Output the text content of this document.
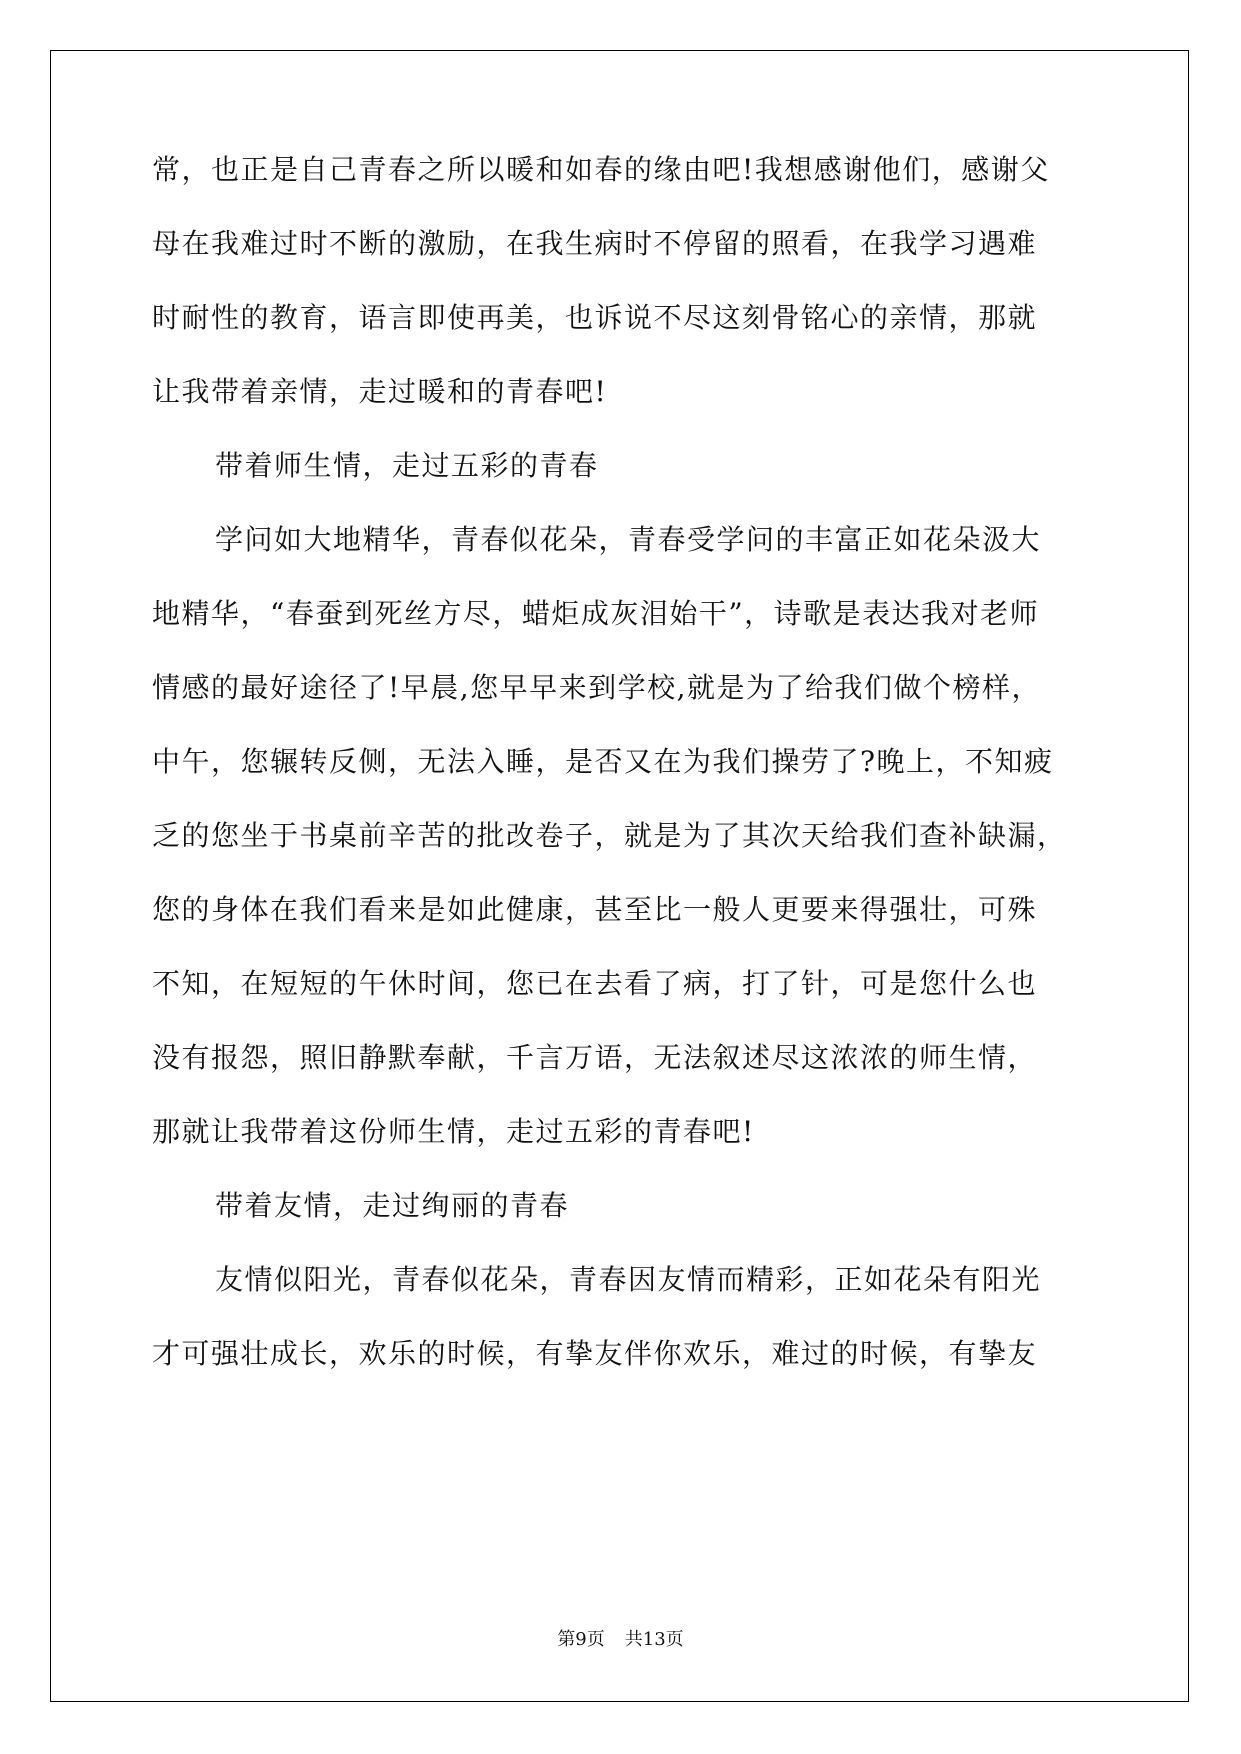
常，也正是自己青春之所以暖和如春的缘由吧!我想感谢他们，感谢父

母在我难过时不断的激励，在我生病时不停留的照看，在我学习遇难

时耐性的教育，语言即使再美，也诉说不尽这刻骨铭心的亲情，那就

让我带着亲情，走过暖和的青春吧!

带着师生情，走过五彩的青春

学问如大地精华，青春似花朵，青春受学问的丰富正如花朵汲大

地精华，“春蚕到死丝方尽，蜡炬成灰泪始干”，诗歌是表达我对老师

情感的最好途径了!早晨,您早早来到学校,就是为了给我们做个榜样，

中午，您辗转反侧，无法入睡，是否又在为我们操劳了?晚上，不知疲

乏的您坐于书桌前辛苦的批改卷子，就是为了其次天给我们查补缺漏，

您的身体在我们看来是如此健康，甚至比一般人更要来得强壮，可殊

不知，在短短的午休时间，您已在去看了病，打了针，可是您什么也

没有报怨，照旧静默奉献，千言万语，无法叙述尽这浓浓的师生情，

那就让我带着这份师生情，走过五彩的青春吧!

带着友情，走过绚丽的青春

友情似阳光，青春似花朵，青春因友情而精彩，正如花朵有阳光

才可强壮成长，欢乐的时候，有挚友伴你欢乐，难过的时候，有挚友

第9页 共13页
